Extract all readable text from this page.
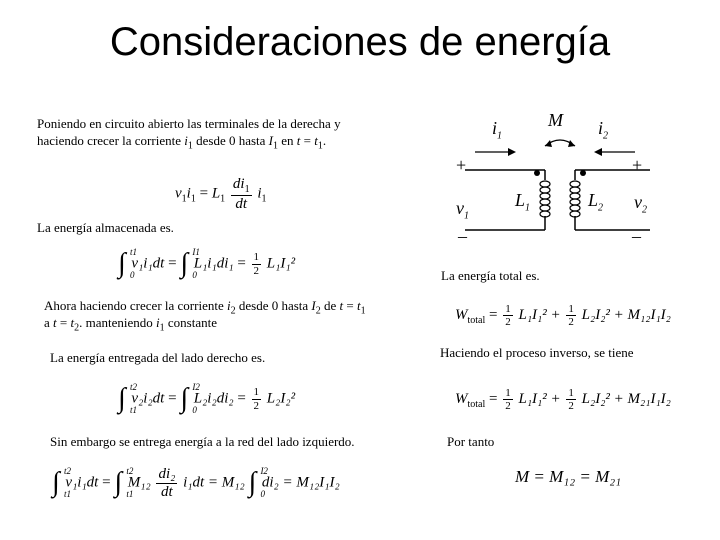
Consideraciones de energía
Poniendo en circuito abierto las terminales de la derecha y
haciendo crecer la corriente $i_1$ desde 0 hasta $I_1$ en $t = t_1$.
$v_1i_1 = L_1 \frac{di_1}{dt} i_1$
La energía almacenada es.
∫ t1
0
v₁i₁dt = ∫ I1
0
$L_1i_1di_1 = \frac{1}{2} L_1I_1^2$
Ahora haciendo crecer la corriente $i_2$ desde 0 hasta $I_2$ de $t = t_1$
a $t = t_2$. manteniendo $i_1$ constante
La energía entregada del lado derecho es.
∫ t2
t1
v₂i₂dt = ∫ I2
0
$L_2i_2di_2 = \frac{1}{2} L_2I_2^2$
Sin embargo se entrega energía a la red del lado izquierdo.
∫ t2
t1
v₁i₁dt = ∫ t2
t1
$M_{12} \frac{\text{di₂}}{dt} i_1dt = M_{12}$ ∫ I2
0
di₂ = M₁₂I₁I₂
$i_1$
M $i_2$
+	+
$v_1$
$L_1$	$L_2$ $v_2$
–	–
La energía total es.
$W_{total} = \frac{1}{2} L_1I_1^2 + \frac{1}{2} L_2I_2^2 + M_{12}I_1I_2$
Haciendo el proceso inverso, se tiene
$W_{total} = \frac{1}{2} L_1I_1^2 + \frac{1}{2} L_2I_2^2 + M_{21}I_1I_2$
Por tanto
M = M₁₂ = M₂₁
